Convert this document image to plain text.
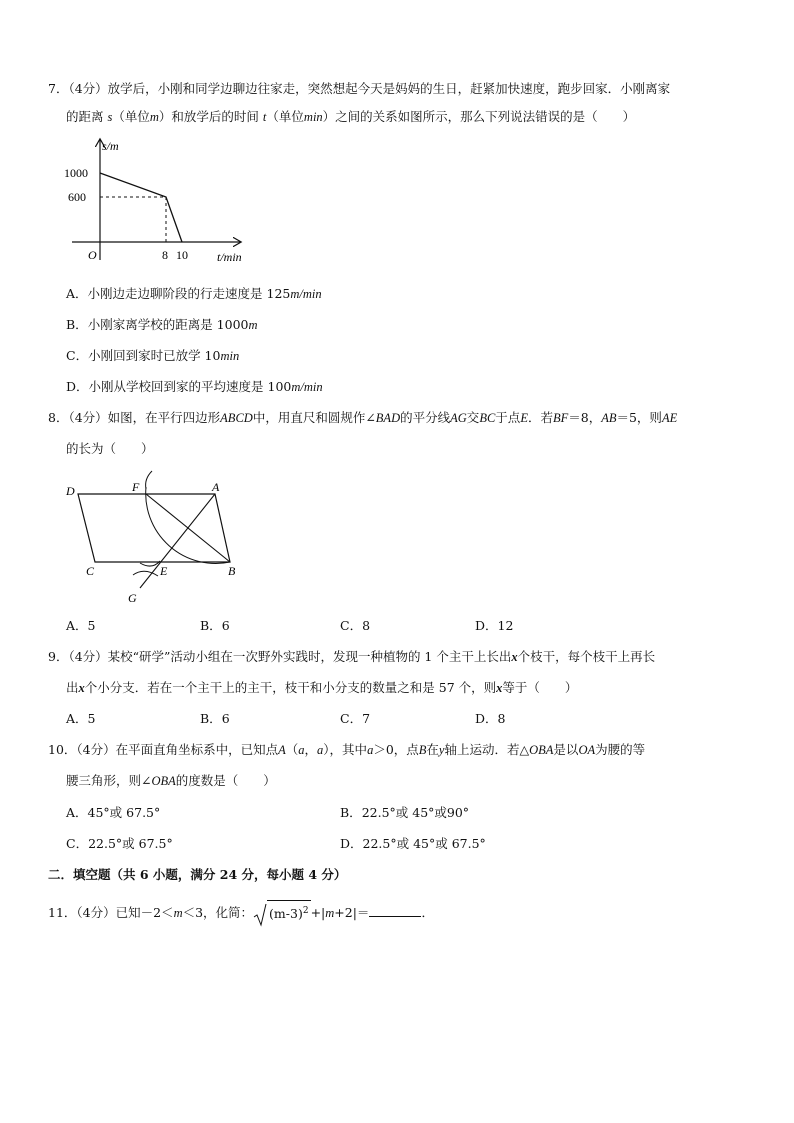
7．（4分）放学后，小刚和同学边聊边往家走，突然想起今天是妈妈的生日，赶紧加快速度，跑步回家．小刚离家
的距离 s（单位m）和放学后的时间 t（单位min）之间的关系如图所示，那么下列说法错误的是（　　）
s/m
t/min
O
1000
600
8 10
A．小刚边走边聊阶段的行走速度是 125m/min
B．小刚家离学校的距离是 1000m
C．小刚回到家时已放学 10min
D．小刚从学校回到家的平均速度是 100m/min
8．（4分）如图，在平行四边形ABCD中，用直尺和圆规作∠BAD的平分线AG交BC于点E．若BF＝8，AB＝5，则AE
的长为（　　）
D	F	A
C	E	B
G
A．5	B．6	C．8	D．12
9．（4分）某校“研学”活动小组在一次野外实践时，发现一种植物的 1 个主干上长出x个枝干，每个枝干上再长
出x个小分支．若在一个主干上的主干，枝干和小分支的数量之和是 57 个，则x等于（　　）
A．5	B．6	C．7	D．8
10．（4分）在平面直角坐标系中，已知点A（a，a），其中a＞0，点B在y轴上运动．若△OBA是以OA为腰的等
腰三角形，则∠OBA的度数是（　　）
A．45°或 67.5°	B．22.5°或 45°或90°
C．22.5°或 67.5°	D．22.5°或 45°或 67.5°
二．填空题（共 6 小题，满分 24 分，每小题 4 分）
11．（4分）已知－2＜m＜3，化简： $(m-3)^2 +|m+2|=$	．
